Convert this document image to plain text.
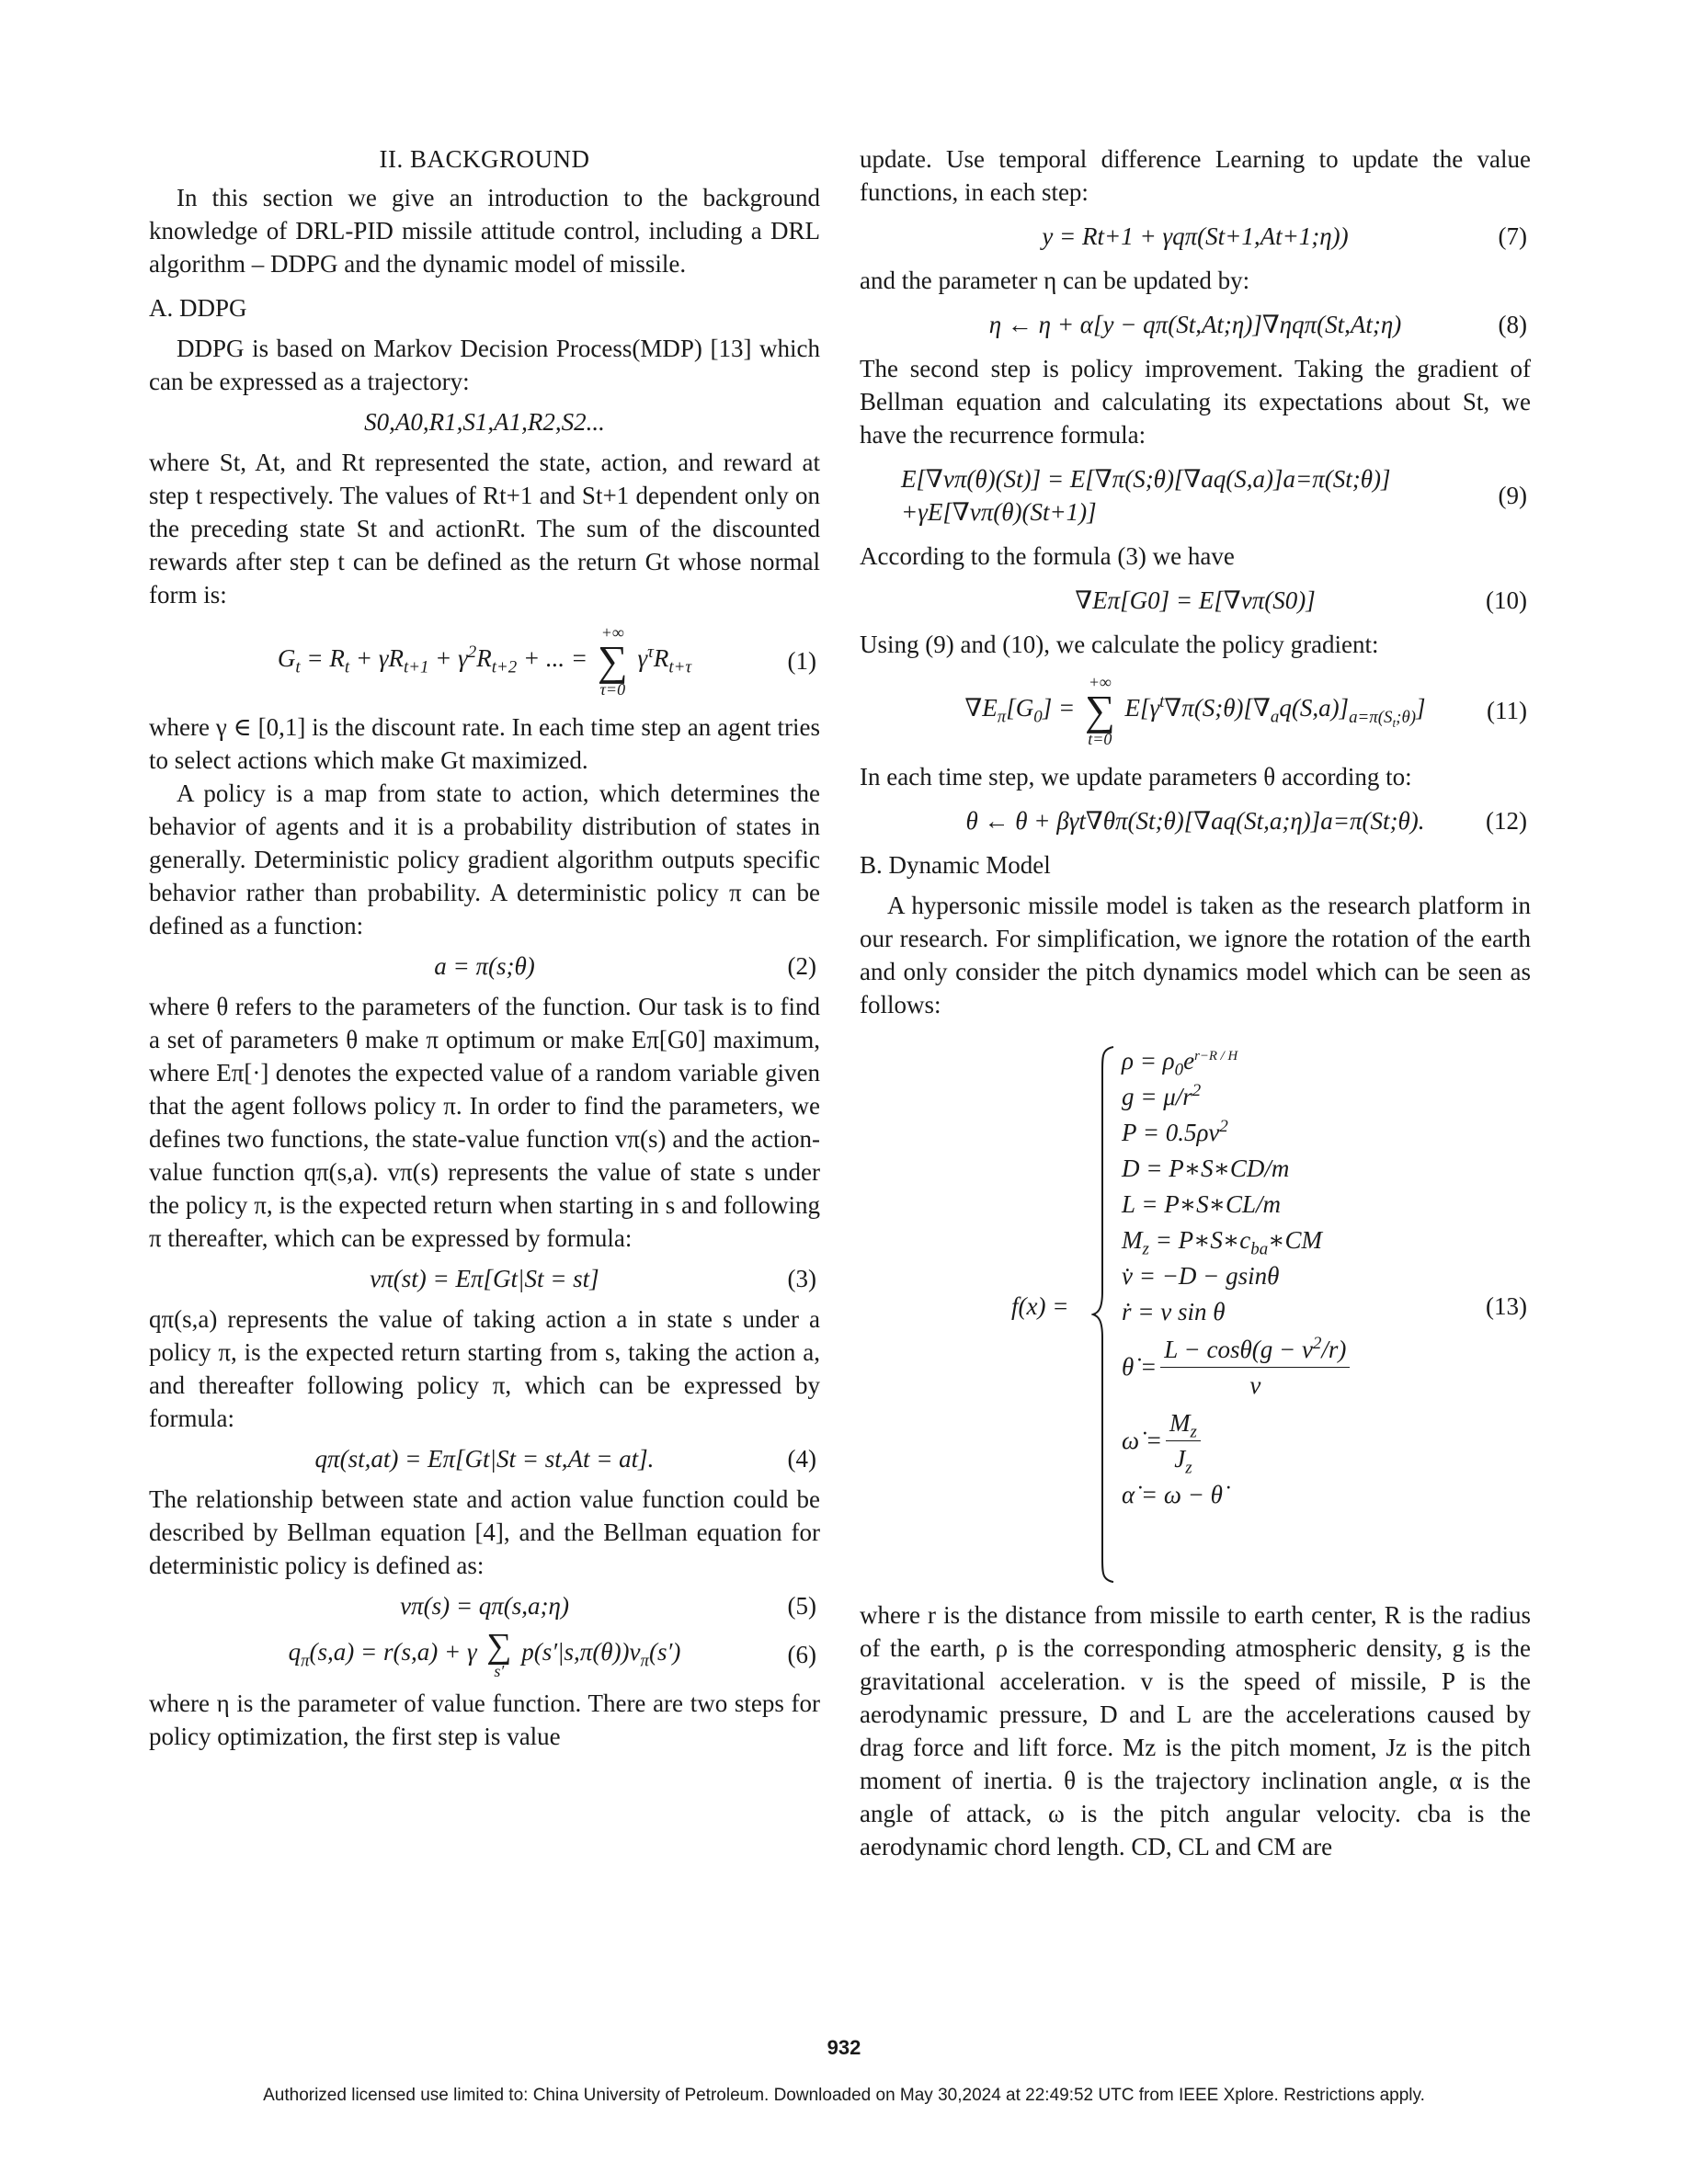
II. BACKGROUND

In this section we give an introduction to the background knowledge of DRL-PID missile attitude control, including a DRL algorithm – DDPG and the dynamic model of missile.

A. DDPG

DDPG is based on Markov Decision Process(MDP) [13] which can be expressed as a trajectory:

S0,A0,R1,S1,A1,R2,S2...

where St, At, and Rt represented the state, action, and reward at step t respectively. The values of Rt+1 and St+1 dependent only on the preceding state St and actionRt. The sum of the discounted rewards after step t can be defined as the return Gt whose normal form is:

$G_t = R_t + \gamma R_{t+1} + \gamma^2R_{t+2}$ + ... =
+∞
∑
τ=0
$\gamma^\tau R_{t+\tau}$	(1)

where γ ∈ [0,1] is the discount rate. In each time step an agent tries to select actions which make Gt maximized.

A policy is a map from state to action, which determines the behavior of agents and it is a probability distribution of states in generally. Deterministic policy gradient algorithm outputs specific behavior rather than probability. A deterministic policy π can be defined as a function:

a = π(s;θ)	(2)

where θ refers to the parameters of the function. Our task is to find a set of parameters θ make π optimum or make Eπ[G0] maximum, where Eπ[·] denotes the expected value of a random variable given that the agent follows policy π. In order to find the parameters, we defines two functions, the state-value function vπ(s) and the action-value function qπ(s,a). vπ(s) represents the value of state s under the policy π, is the expected return when starting in s and following π thereafter, which can be expressed by formula:

vπ(st) = Eπ[Gt|St = st]	(3)

qπ(s,a) represents the value of taking action a in state s under a policy π, is the expected return starting from s, taking the action a, and thereafter following policy π, which can be expressed by formula:

qπ(st,at) = Eπ[Gt|St = st,At = at].	(4)

The relationship between state and action value function could be described by Bellman equation [4], and the Bellman equation for deterministic policy is defined as:

vπ(s) = qπ(s,a;η)	(5)
$q_\pi(s,a) = r(s,a) + \gamma$ ∑
s′
$p(s'|s,\pi(\theta))v_\pi(s')$	(6)

where η is the parameter of value function. There are two steps for policy optimization, the first step is value

update. Use temporal difference Learning to update the value functions, in each step:

y = Rt+1 + γqπ(St+1,At+1;η))	(7)

and the parameter η can be updated by:

η ← η + α[y − qπ(St,At;η)]∇ηqπ(St,At;η)	(8)

The second step is policy improvement. Taking the gradient of Bellman equation and calculating its expectations about St, we have the recurrence formula:

E[∇vπ(θ)(St)] = E[∇π(S;θ)[∇aq(S,a)]a=π(St;θ)]
+γE[∇vπ(θ)(St+1)]
(9)

According to the formula (3) we have

∇Eπ[G0] = E[∇vπ(S0)]	(10)

Using (9) and (10), we calculate the policy gradient:

$\nabla E_\pi[G_0]$ =
+∞
∑
t=0
$E[\gamma^t\nabla\pi(S;\theta)[\nabla_aq(S,a)]_{a=\pi(S_t;\theta)}]$ (11)

In each time step, we update parameters θ according to:

θ ← θ + βγt∇θπ(St;θ)[∇aq(St,a;η)]a=π(St;θ). (12)

B. Dynamic Model

A hypersonic missile model is taken as the research platform in our research. For simplification, we ignore the rotation of the earth and only consider the pitch dynamics model which can be seen as follows:

f(x) =
$\rho = \rho_0e^{r-R / H}$
$g = \mu/r^2$
$P = 0.5\rho v^2$
D = P∗S∗CD/m
L = P∗S∗CL/m
$M_z$ = $P∗S∗c_{ba}∗CM$
v̇ = −D − gsinθ
ṙ = v sin θ
θ̇ = $\frac{L - \cos\theta(g - v^2/r)}{v}$
ω̇ = $\frac{M_z}{J_z}$
α̇ = ω − θ̇
(13)

where r is the distance from missile to earth center, R is the radius of the earth, ρ is the corresponding atmospheric density, g is the gravitational acceleration. v is the speed of missile, P is the aerodynamic pressure, D and L are the accelerations caused by drag force and lift force. Mz is the pitch moment, Jz is the pitch moment of inertia. θ is the trajectory inclination angle, α is the angle of attack, ω is the pitch angular velocity. cba is the aerodynamic chord length. CD, CL and CM are

932
Authorized licensed use limited to: China University of Petroleum. Downloaded on May 30,2024 at 22:49:52 UTC from IEEE Xplore. Restrictions apply.
